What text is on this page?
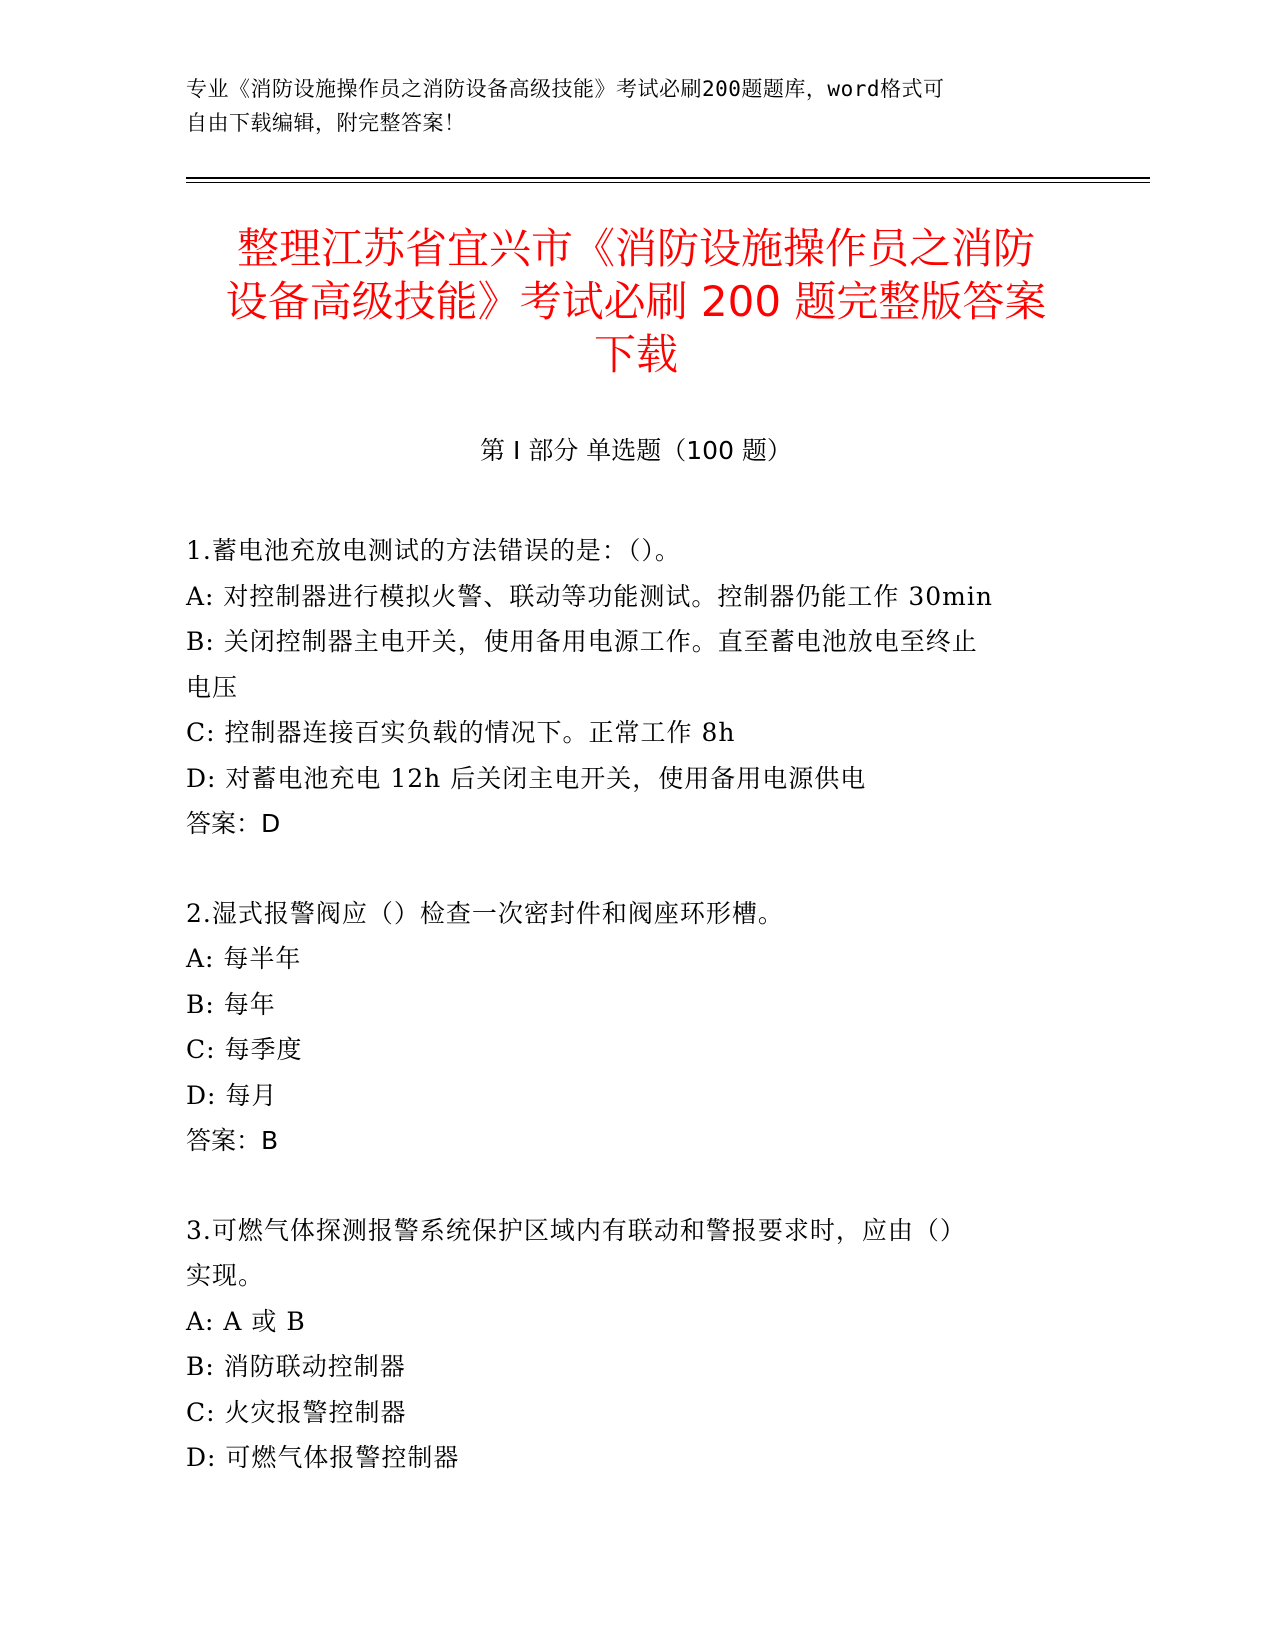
专业《消防设施操作员之消防设备高级技能》考试必刷200题题库，word格式可
自由下载编辑，附完整答案！
整理江苏省宜兴市《消防设施操作员之消防
设备高级技能》考试必刷 200 题完整版答案
下载
第 I 部分 单选题（100 题）
1.蓄电池充放电测试的方法错误的是：（）。
A: 对控制器进行模拟火警、联动等功能测试。控制器仍能工作 30min
B: 关闭控制器主电开关，使用备用电源工作。直至蓄电池放电至终止
电压
C: 控制器连接百实负载的情况下。正常工作 8h
D: 对蓄电池充电 12h 后关闭主电开关，使用备用电源供电
答案：D
2.湿式报警阀应（）检查一次密封件和阀座环形槽。
A: 每半年
B: 每年
C: 每季度
D: 每月
答案：B
3.可燃气体探测报警系统保护区域内有联动和警报要求时，应由（）
实现。
A: A 或 B
B: 消防联动控制器
C: 火灾报警控制器
D: 可燃气体报警控制器
